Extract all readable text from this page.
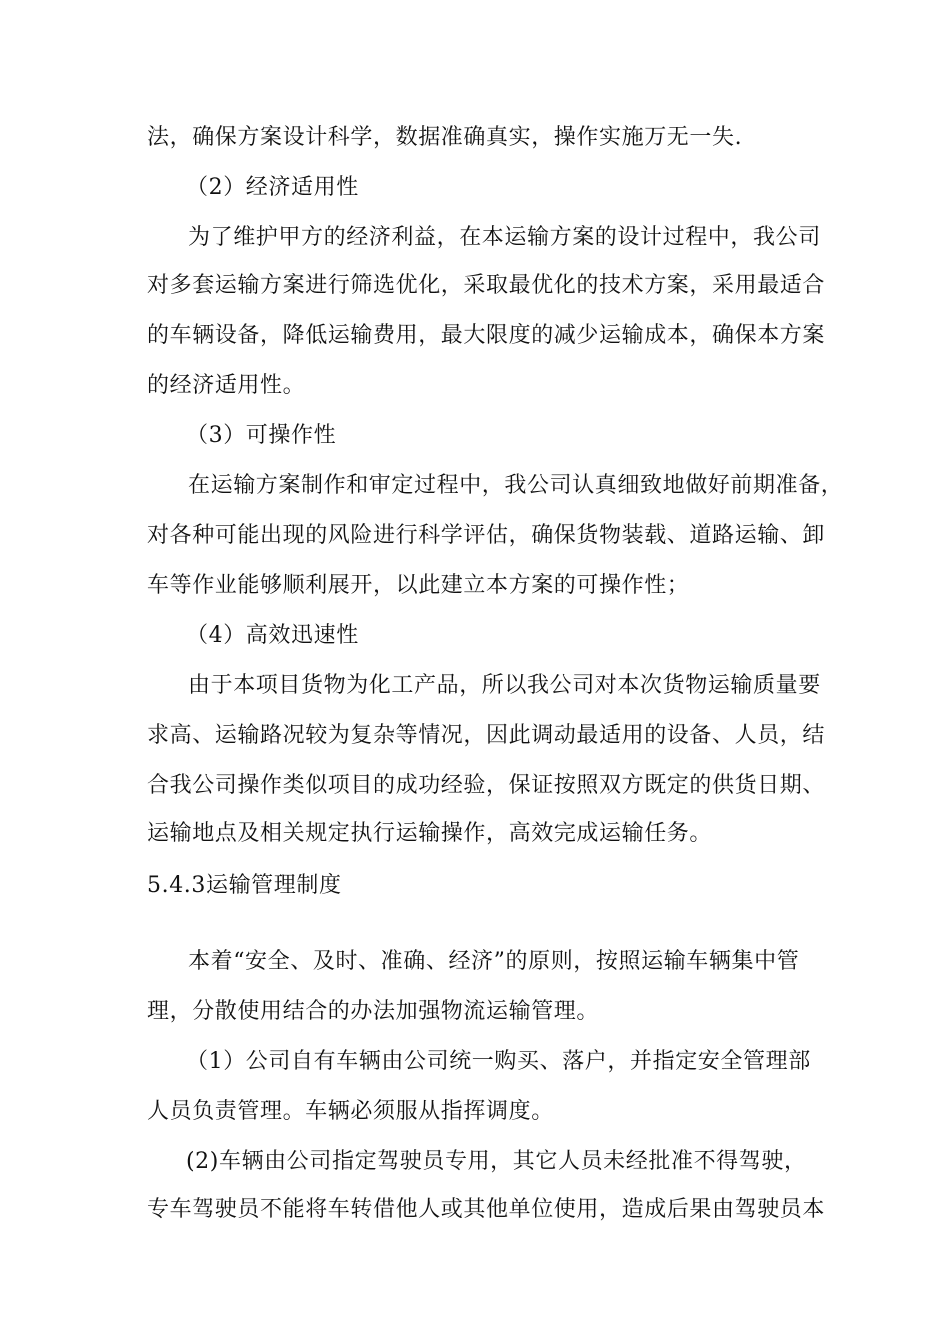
法，确保方案设计科学，数据准确真实，操作实施万无一失.
（2）经济适用性
为了维护甲方的经济利益，在本运输方案的设计过程中，我公司
对多套运输方案进行筛选优化，采取最优化的技术方案，采用最适合
的车辆设备，降低运输费用，最大限度的减少运输成本，确保本方案
的经济适用性。
（3）可操作性
在运输方案制作和审定过程中，我公司认真细致地做好前期准备，
对各种可能出现的风险进行科学评估，确保货物装载、道路运输、卸
车等作业能够顺利展开，以此建立本方案的可操作性；
（4）高效迅速性
由于本项目货物为化工产品，所以我公司对本次货物运输质量要
求高、运输路况较为复杂等情况，因此调动最适用的设备、人员，结
合我公司操作类似项目的成功经验，保证按照双方既定的供货日期、
运输地点及相关规定执行运输操作，高效完成运输任务。
5.4.3运输管理制度
本着“安全、及时、准确、经济”的原则，按照运输车辆集中管
理，分散使用结合的办法加强物流运输管理。
（1）公司自有车辆由公司统一购买、落户，并指定安全管理部
人员负责管理。车辆必须服从指挥调度。
(2)车辆由公司指定驾驶员专用，其它人员未经批准不得驾驶，
专车驾驶员不能将车转借他人或其他单位使用，造成后果由驾驶员本
